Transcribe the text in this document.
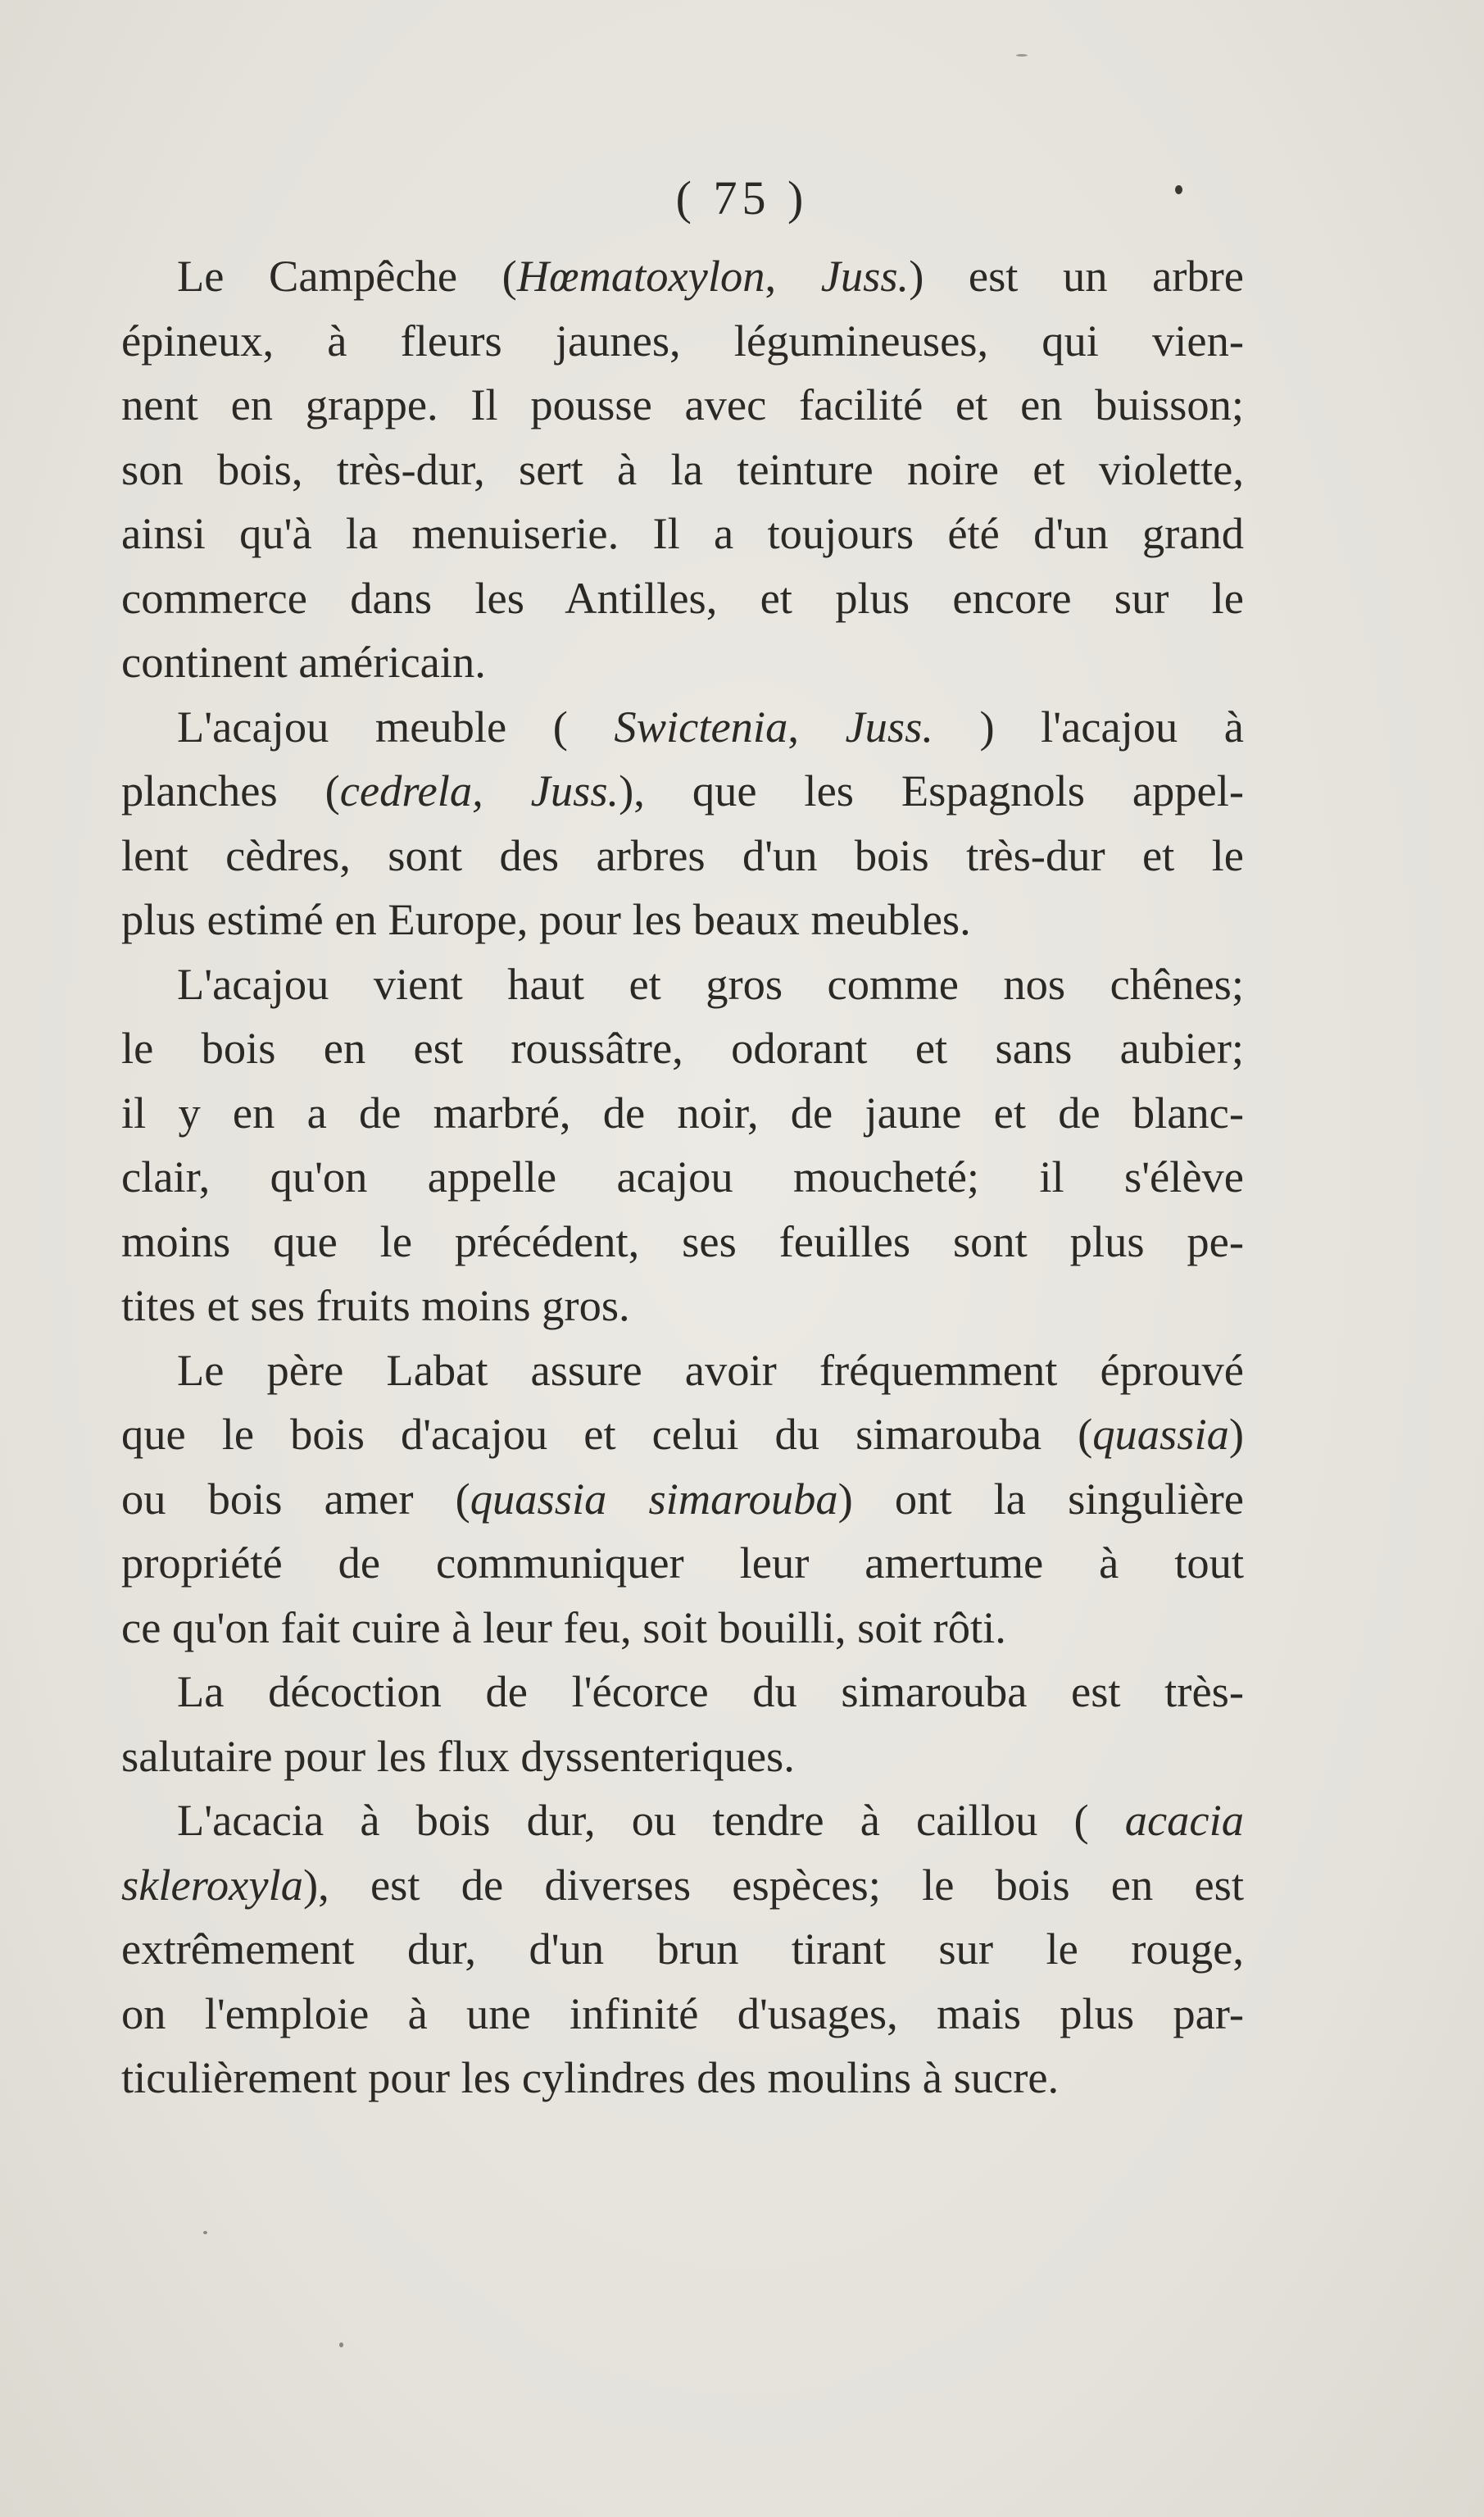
( 75 )
Le Campêche (Hœmatoxylon, Juss.) est un arbre
épineux, à fleurs jaunes, légumineuses, qui vien-
nent en grappe. Il pousse avec facilité et en buisson;
son bois, très-dur, sert à la teinture noire et violette,
ainsi qu'à la menuiserie. Il a toujours été d'un grand
commerce dans les Antilles, et plus encore sur le
continent américain.
L'acajou meuble ( Swictenia, Juss. ) l'acajou à
planches (cedrela, Juss.), que les Espagnols appel-
lent cèdres, sont des arbres d'un bois très-dur et le
plus estimé en Europe, pour les beaux meubles.
L'acajou vient haut et gros comme nos chênes;
le bois en est roussâtre, odorant et sans aubier;
il y en a de marbré, de noir, de jaune et de blanc-
clair, qu'on appelle acajou moucheté; il s'élève
moins que le précédent, ses feuilles sont plus pe-
tites et ses fruits moins gros.
Le père Labat assure avoir fréquemment éprouvé
que le bois d'acajou et celui du simarouba (quassia)
ou bois amer (quassia simarouba) ont la singulière
propriété de communiquer leur amertume à tout
ce qu'on fait cuire à leur feu, soit bouilli, soit rôti.
La décoction de l'écorce du simarouba est très-
salutaire pour les flux dyssenteriques.
L'acacia à bois dur, ou tendre à caillou ( acacia
skleroxyla), est de diverses espèces; le bois en est
extrêmement dur, d'un brun tirant sur le rouge,
on l'emploie à une infinité d'usages, mais plus par-
ticulièrement pour les cylindres des moulins à sucre.
